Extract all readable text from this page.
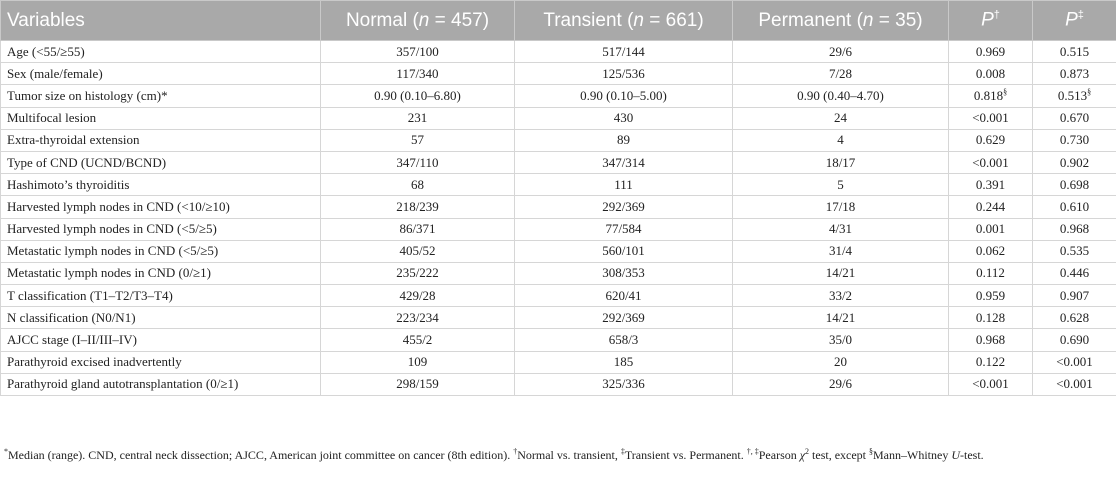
Variables	Normal (n = 457)	Transient (n = 661)	Permanent (n = 35)	P†	P‡
Age (<55/≥55)	357/100	517/144	29/6	0.969	0.515
Sex (male/female)	117/340	125/536	7/28	0.008	0.873
Tumor size on histology (cm)*	0.90 (0.10–6.80)	0.90 (0.10–5.00)	0.90 (0.40–4.70)	0.818§	0.513§
Multifocal lesion	231	430	24	<0.001	0.670
Extra-thyroidal extension	57	89	4	0.629	0.730
Type of CND (UCND/BCND)	347/110	347/314	18/17	<0.001	0.902
Hashimoto’s thyroiditis	68	111	5	0.391	0.698
Harvested lymph nodes in CND (<10/≥10)	218/239	292/369	17/18	0.244	0.610
Harvested lymph nodes in CND (<5/≥5)	86/371	77/584	4/31	0.001	0.968
Metastatic lymph nodes in CND (<5/≥5)	405/52	560/101	31/4	0.062	0.535
Metastatic lymph nodes in CND (0/≥1)	235/222	308/353	14/21	0.112	0.446
T classification (T1–T2/T3–T4)	429/28	620/41	33/2	0.959	0.907
N classification (N0/N1)	223/234	292/369	14/21	0.128	0.628
AJCC stage (I–II/III–IV)	455/2	658/3	35/0	0.968	0.690
Parathyroid excised inadvertently	109	185	20	0.122	<0.001
Parathyroid gland autotransplantation (0/≥1)	298/159	325/336	29/6	<0.001	<0.001
*Median (range). CND, central neck dissection; AJCC, American joint committee on cancer (8th edition). †Normal vs. transient, ‡Transient vs. Permanent. †, ‡Pearson $\chi^2$ test, except §Mann–Whitney U-test.
